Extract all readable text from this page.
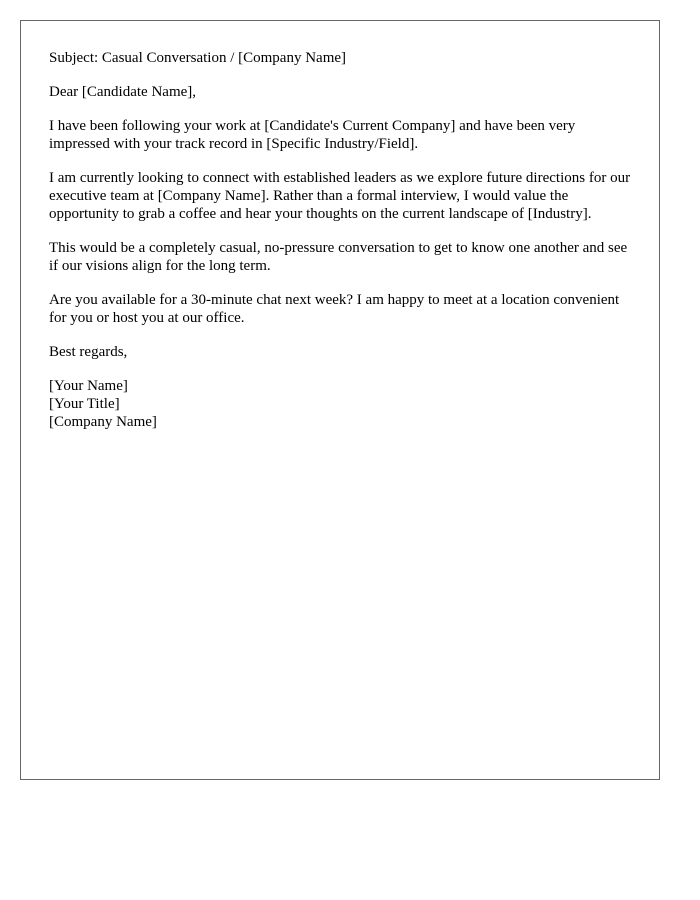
Subject: Casual Conversation / [Company Name]

Dear [Candidate Name],

I have been following your work at [Candidate's Current Company] and have been very impressed with your track record in [Specific Industry/Field].

I am currently looking to connect with established leaders as we explore future directions for our executive team at [Company Name]. Rather than a formal interview, I would value the opportunity to grab a coffee and hear your thoughts on the current landscape of [Industry].

This would be a completely casual, no-pressure conversation to get to know one another and see if our visions align for the long term.

Are you available for a 30-minute chat next week? I am happy to meet at a location convenient for you or host you at our office.

Best regards,

[Your Name]
[Your Title]
[Company Name]
